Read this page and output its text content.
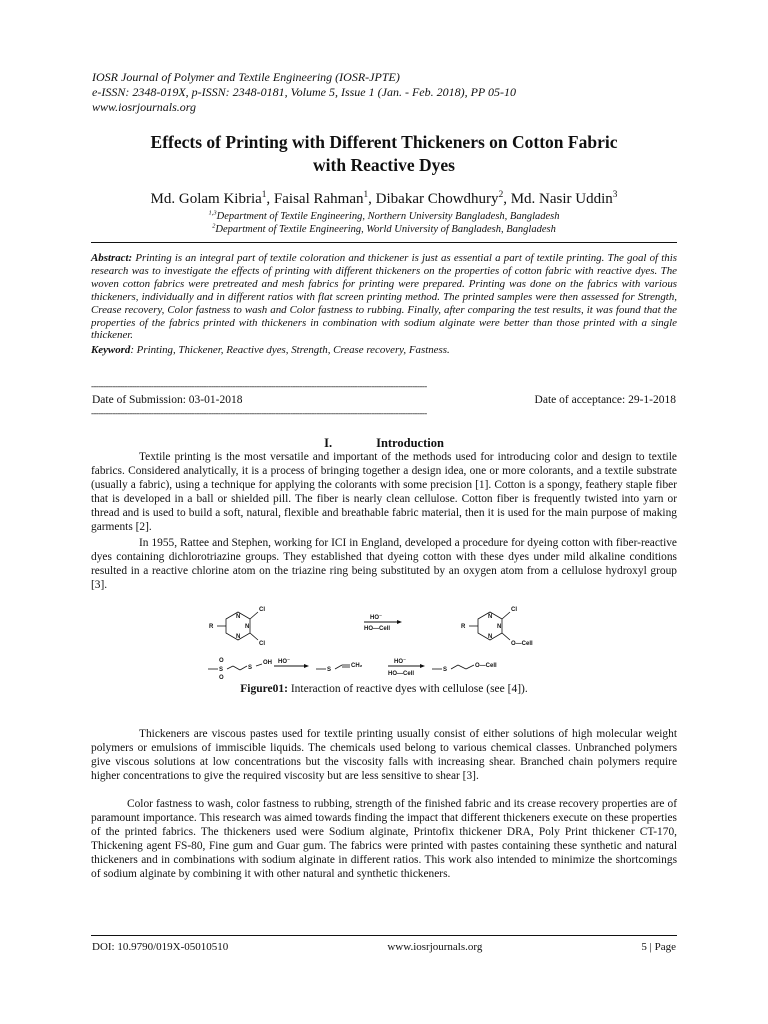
IOSR Journal of Polymer and Textile Engineering (IOSR-JPTE)
e-ISSN: 2348-019X, p-ISSN: 2348-0181, Volume 5, Issue 1 (Jan. - Feb. 2018), PP 05-10
www.iosrjournals.org
Effects of Printing with Different Thickeners on Cotton Fabric
with Reactive Dyes
Md. Golam Kibria$^1$, Faisal Rahman$^1$, Dibakar Chowdhury$^2$, Md. Nasir Uddin$^3$
$^{1,3}$Department of Textile Engineering, Northern University Bangladesh, Bangladesh
$^2$Department of Textile Engineering, World University of Bangladesh, Bangladesh

Abstract: Printing is an integral part of textile coloration and thickener is just as essential a part of textile printing. The goal of this research was to investigate the effects of printing with different thickeners on the properties of cotton fabric with reactive dyes. The woven cotton fabrics were pretreated and mesh fabrics for printing were prepared. Printing was done on the fabrics with various thickeners, individually and in different ratios with flat screen printing method. The printed samples were then assessed for Strength, Crease recovery, Color fastness to wash and Color fastness to rubbing. Finally, after comparing the test results, it was found that the properties of the fabrics printed with thickeners in combination with sodium alginate were better than those printed with a single thickener.

Keyword: Printing, Thickener, Reactive dyes, Strength, Crease recovery, Fastness.

--------------------------------------------------------------------------------------------------------------------------------------------
Date of Submission: 03-01-2018	Date of acceptance: 29-1-2018
--------------------------------------------------------------------------------------------------------------------------------------------
I.	Introduction

Textile printing is the most versatile and important of the methods used for introducing color and design to textile fabrics. Considered analytically, it is a process of bringing together a design idea, one or more colorants, and a textile substrate (usually a fabric), using a technique for applying the colorants with some precision [1]. Cotton is a spongy, feathery staple fiber that is developed in a ball or shielded pill. The fiber is nearly clean cellulose. Cotton fiber is frequently twisted into yarn or thread and is used to build a soft, natural, flexible and breathable fabric material, then it is used for the main purpose of making garments [2].

In 1955, Rattee and Stephen, working for ICI in England, developed a procedure for dyeing cotton with fiber-reactive dyes containing dichlorotriazine groups. They established that dyeing cotton with these dyes under mild alkaline conditions resulted in a reactive chlorine atom on the triazine ring being substituted by an oxygen atom from a cellulose hydroxyl group [3].

R
Cl
Cl
N
N
N
HO⁻
HO—Cell	R
Cl
O—Cell
N
N
N
S
O
O
S
OH HO⁻
S
CH₂
HO⁻
HO—Cell
S
O—Cell
Figure01: Interaction of reactive dyes with cellulose (see [4]).

Thickeners are viscous pastes used for textile printing usually consist of either solutions of high molecular weight polymers or emulsions of immiscible liquids. The chemicals used belong to various chemical classes. Unbranched polymers give viscous solutions at low concentrations but the viscosity falls with increasing shear. Branched chain polymers require higher concentrations to give the required viscosity but are less sensitive to shear [3].

Color fastness to wash, color fastness to rubbing, strength of the finished fabric and its crease recovery properties are of paramount importance. This research was aimed towards finding the impact that different thickeners execute on these properties of the printed fabrics. The thickeners used were Sodium alginate, Printofix thickener DRA, Poly Print thickener CT-170, Thickening agent FS-80, Fine gum and Guar gum. The fabrics were printed with pastes containing these synthetic and natural thickeners and in combinations with sodium alginate in different ratios. This work also intended to minimize the shortcomings of sodium alginate by combining it with other natural and synthetic thickeners.

DOI: 10.9790/019X-05010510	www.iosrjournals.org	5 | Page
